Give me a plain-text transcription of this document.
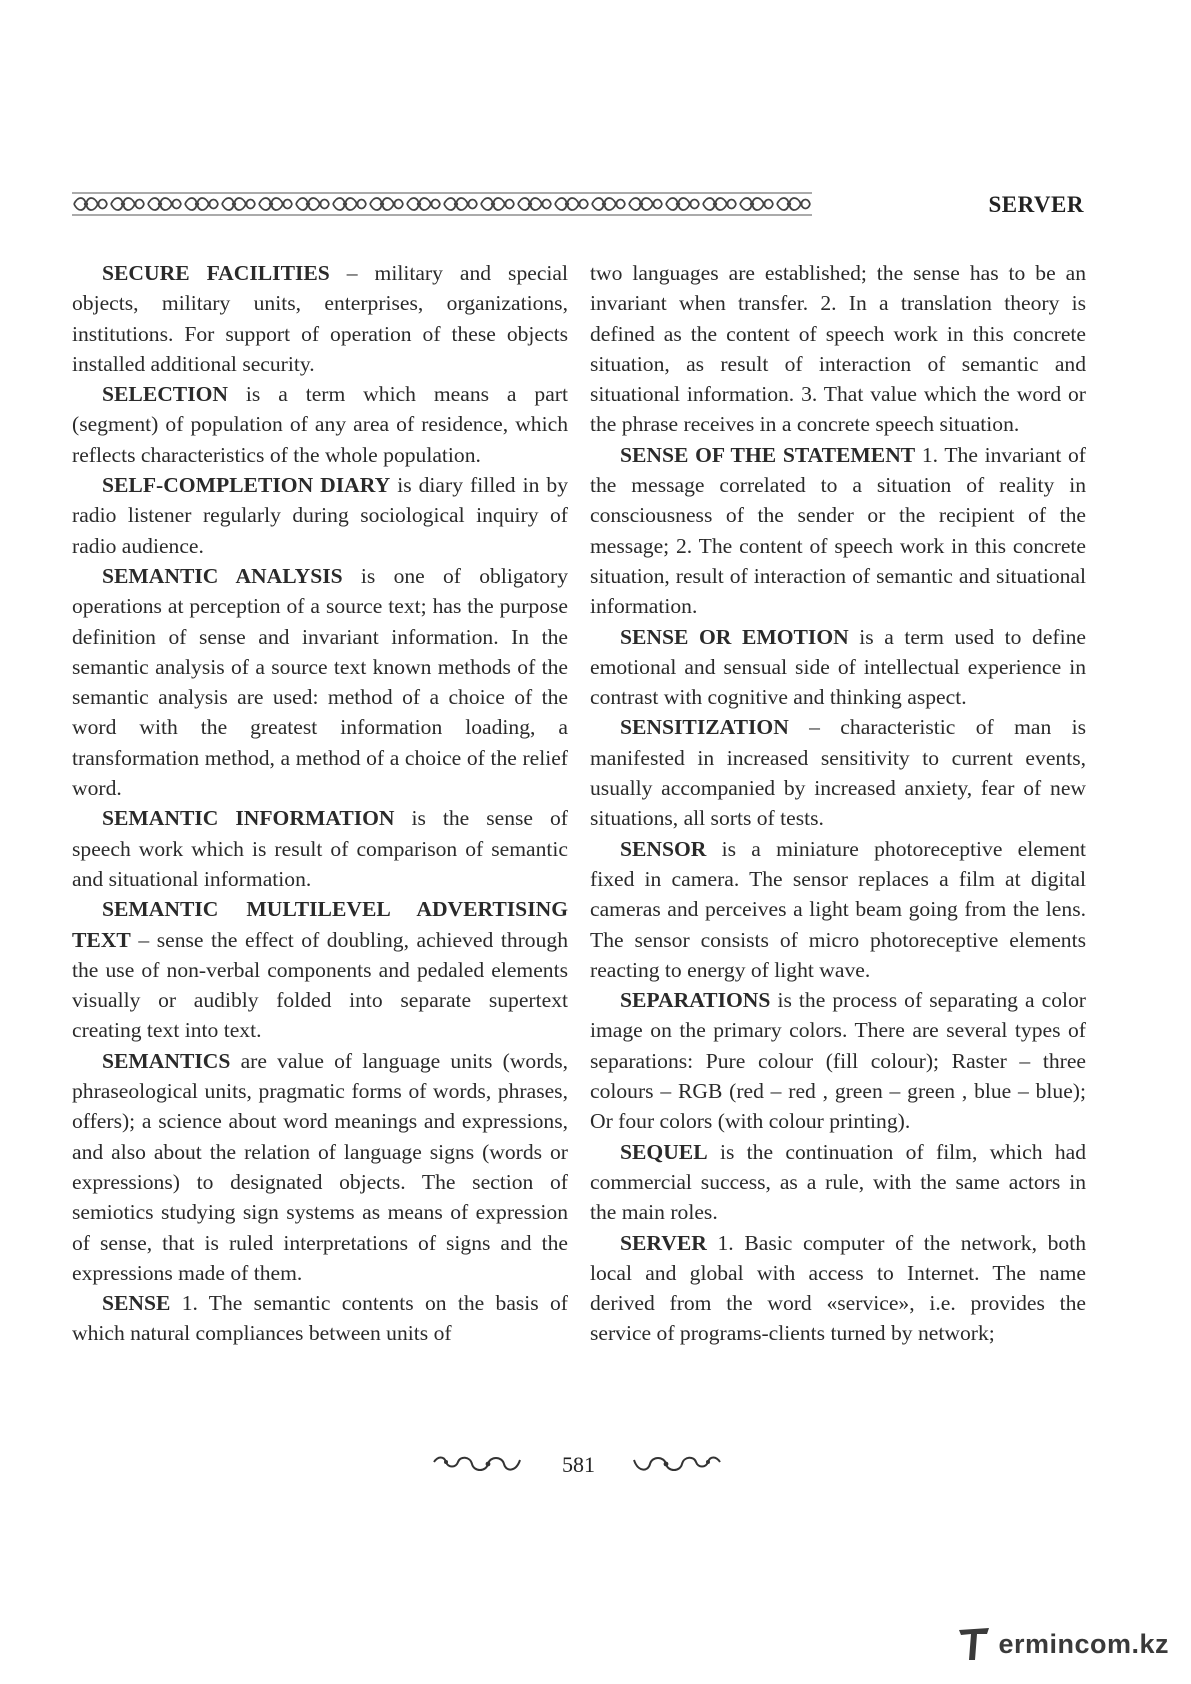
SERVER

SECURE FACILITIES – military and special objects, military units, enterprises, organizations, institutions. For support of operation of these objects installed additional security.

SELECTION is a term which means a part (segment) of population of any area of residence, which reflects characteristics of the whole population.

SELF-COMPLETION DIARY is diary filled in by radio listener regularly during sociological inquiry of radio audience.

SEMANTIC ANALYSIS is one of obligatory operations at perception of a source text; has the purpose definition of sense and invariant information. In the semantic analysis of a source text known methods of the semantic analysis are used: method of a choice of the word with the greatest information loading, a transformation method, a method of a choice of the relief word.

SEMANTIC INFORMATION is the sense of speech work which is result of comparison of semantic and situational information.

SEMANTIC MULTILEVEL ADVERTISING TEXT – sense the effect of doubling, achieved through the use of non-verbal components and pedaled elements visually or audibly folded into separate supertext creating text into text.

SEMANTICS are value of language units (words, phraseological units, pragmatic forms of words, phrases, offers); a science about word meanings and expressions, and also about the relation of language signs (words or expressions) to designated objects. The section of semiotics studying sign systems as means of expression of sense, that is ruled interpretations of signs and the expressions made of them.

SENSE 1. The semantic contents on the basis of which natural compliances between units of

two languages are established; the sense has to be an invariant when transfer. 2. In a translation theory is defined as the content of speech work in this concrete situation, as result of interaction of semantic and situational information. 3. That value which the word or the phrase receives in a concrete speech situation.

SENSE OF THE STATEMENT 1. The invariant of the message correlated to a situation of reality in consciousness of the sender or the recipient of the message; 2. The content of speech work in this concrete situation, result of interaction of semantic and situational information.

SENSE OR EMOTION is a term used to define emotional and sensual side of intellectual experience in contrast with cognitive and thinking aspect.

SENSITIZATION – characteristic of man is manifested in increased sensitivity to current events, usually accompanied by increased anxiety, fear of new situations, all sorts of tests.

SENSOR is a miniature photoreceptive element fixed in camera. The sensor replaces a film at digital cameras and perceives a light beam going from the lens. The sensor consists of micro photoreceptive elements reacting to energy of light wave.

SEPARATIONS is the process of separating a color image on the primary colors. There are several types of separations: Pure colour (fill colour); Raster – three colours – RGB (red – red , green – green , blue – blue); Or four colors (with colour printing).

SEQUEL is the continuation of film, which had commercial success, as a rule, with the same actors in the main roles.

SERVER 1. Basic computer of the network, both local and global with access to Internet. The name derived from the word «service», i.e. provides the service of programs-clients turned by network;

581
ermincom.kz
